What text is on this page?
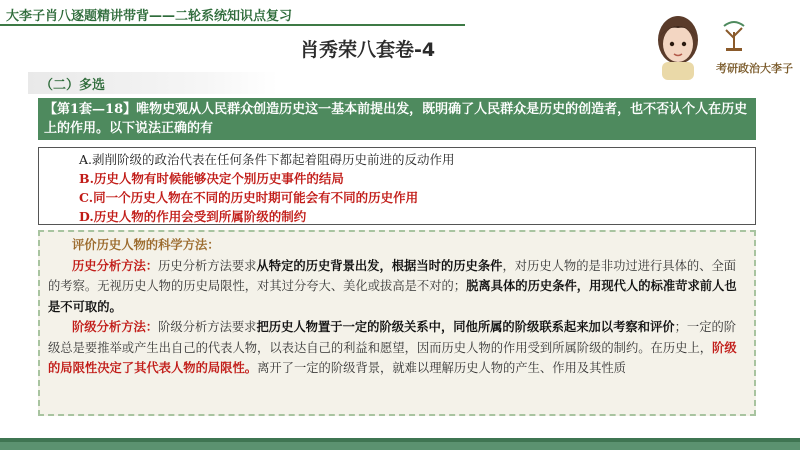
大李子肖八逐题精讲带背——二轮系统知识点复习
肖秀荣八套卷-4
考研政治大李子
（二）多选
【第1套—18】唯物史观从人民群众创造历史这一基本前提出发，既明确了人民群众是历史的创造者，也不否认个人在历史上的作用。以下说法正确的有
A.剥削阶级的政治代表在任何条件下都起着阻碍历史前进的反动作用
B.历史人物有时候能够决定个别历史事件的结局
C.同一个历史人物在不同的历史时期可能会有不同的历史作用
D.历史人物的作用会受到所属阶级的制约

评价历史人物的科学方法：

历史分析方法：历史分析方法要求从特定的历史背景出发，根据当时的历史条件，对历史人物的是非功过进行具体的、全面的考察。无视历史人物的历史局限性，对其过分夸大、美化或拔高是不对的；脱离具体的历史条件，用现代人的标准苛求前人也是不可取的。

阶级分析方法：阶级分析方法要求把历史人物置于一定的阶级关系中，同他所属的阶级联系起来加以考察和评价；一定的阶级总是要推举或产生出自己的代表人物，以表达自己的利益和愿望，因而历史人物的作用受到所属阶级的制约。在历史上，阶级的局限性决定了其代表人物的局限性。离开了一定的阶级背景，就难以理解历史人物的产生、作用及其性质
